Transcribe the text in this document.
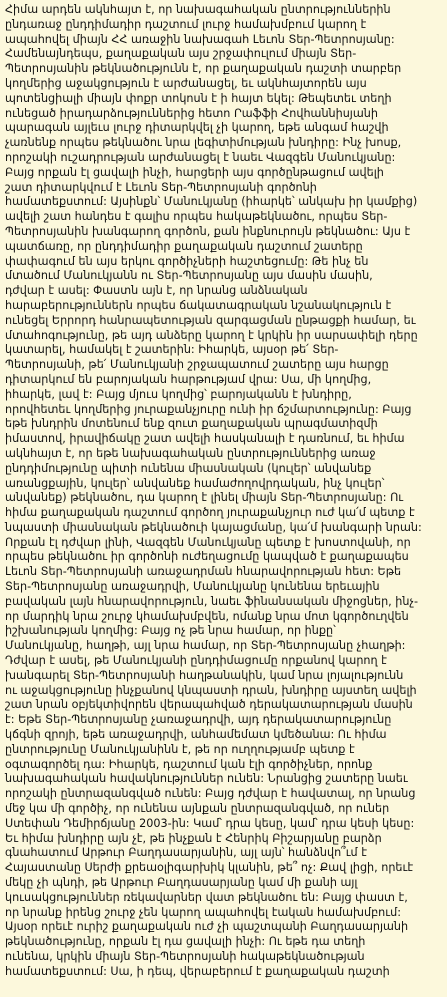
Հիմա արդեն ակնհայտ է, որ նախագահական ընտրություններին
ընդառաջ ընդդիմադիր դաշտում լուրջ համախմբում կարող է
ապահովել միայն ՀՀ առաջին նախագահ Լեւոն Տեր-Պետրոսյանը:
Համենայնդեպս, քաղաքական այս շրջափուլում միայն Տեր-
Պետրոսյանին թեկնածությունն է, որ քաղաքական դաշտի տարբեր
կողմերից աջակցություն է արժանացել, եւ ակնհայտորեն այս
պոտենցիալի միայն փոքր տոկոսն է ի հայտ եկել: Թեպետեւ տեղի
ունեցած իրադարձություններից հետո Րաֆֆի Հովհաննիսյանի
պարագան այլեւս լուրջ դիտարկվել չի կարող, եթե անգամ հաշվի
չառնենք որպես թեկնածու նրա լեգիտիմության խնդիրը: Ինչ խոսք,
որոշակի ուշադրության արժանացել է նաեւ Վազգեն Մանուկյանը:
Բայց որքան էլ ցավալի ինչի, հարցերի այս գործընթացում ավելի
շատ դիտարկվում է Լեւոն Տեր-Պետրոսյանի գործոնի
համատեքստում: Այսինքն՝ Մանուկյանը (իհարկե՝ անկախ իր կամքից)
ավելի շատ հանդես է գալիս որպես հակաթեկնածու, որպես Տեր-
Պետրոսյանին խանգարող գործոն, քան ինքնուրույն թեկնածու: Այս է
պատճառը, որ ընդդիմադիր քաղաքական դաշտում շատերը
փափագում են այս երկու գործիչների հաշտեցումը: Թե ինչ են
մտածում Մանուկյանն ու Տեր-Պետրոսյանը այս մասին մասին,
դժվար է ասել: Փաստն այն է, որ նրանց անձնական
հարաբերություններն որպես ճակատագրական նշանակություն է
ունեցել Երրորդ հանրապետության զարգացման ընթացքի համար, եւ
մտահոգությունը, թե այդ անձերը կարող է կրկին իր սարսափելի դերը
կատարել, համակել է շատերին: Իհարկե, այսօր թե՛ Տեր-
Պետրոսյանի, թե՛ Մանուկյանի շրջապատում շատերը այս հարցը
դիտարկում են բարոյական հարթությամ վրա: Սա, մի կողմից,
իհարկե, լավ է: Բայց մյուս կողմից՝ բարոյականն է խնդիրը,
որովհետեւ կողմերից յուրաքանչյուրը ունի իր ճշմարտությունը: Բայց
եթե խնդրին մոտենում ենք զուտ քաղաքական պրագմատիզմի
իմաստով, իրավիճակը շատ ավելի հասկանալի է դառնում, եւ հիմա
ակնհայտ է, որ եթե նախագահական ընտրություններից առաջ
ընդդիմությունը պիտի ունենա միասնական (կուլեր՝ անվանեք
առանցքային, կուլեր՝ անվանեք համաժողովրդական, ինչ կուլեր՝
անվանեք) թեկնածու, դա կարող է լինել միայն Տեր-Պետրոսյանը: Ու
հիմա քաղաքական դաշտում գործող յուրաքանչյուր ուժ կա՛մ պետք է
նպաստի միասնական թեկնածուի կայացմանը, կա՛մ խանգարի նրան:
Որքան էլ դժվար լինի, Վազգեն Մանուկյանը պետք է խոստովանի, որ
որպես թեկնածու իր գործոնի ուժեղացումը կապված է քաղաքապես
Լեւոն Տեր-Պետրոսյանի առաջադրման հնարավորության հետ: Եթե
Տեր-Պետրոսյանը առաջադրվի, Մանուկյանը կունենա երեւային
բավական լայն հնարավորություն, նաեւ ֆինանսական միջոցներ, ինչ-
որ մարդիկ նրա շուրջ կհամախմբվեն, ոմանք նրա մոտ կգործուղվեն
իշխանության կողմից: Բայց ոչ թե նրա համար, որ ինքը՝
Մանուկյանը, հաղթի, այլ նրա համար, որ Տեր-Պետրոսյանը չհաղթի:
Դժվար է ասել, թե Մանուկյանի ընդդիմացումը որքանով կարող է
խանգարել Տեր-Պետրոսյանի հաղթանակին, կամ նրա լոյալությունն
ու աջակցությունը ինչքանով կնպաստի դրան, խնդիրը այստեղ ավելի
շատ նրան օբյեկտիվորեն վերապահված դերակատարության մասին
է: Եթե Տեր-Պետրոսյանը չառաջադրվի, այդ դերակատարությունը
կճգնի զրոյի, եթե առաջադրվի, անհամեմատ կմեծանա: Ու հիմա
ընտրությունը Մանուկյանինն է, թե որ ուղղությամբ պետք է
օգտագործել դա: Իհարկե, դաշտում կան էլի գործիչներ, որոնք
նախագահական հավակնություններ ունեն: Նրանցից շատերը նաեւ
որոշակի ընտրազանգված ունեն: Բայց դժվար է հավատալ, որ նրանց
մեջ կա մի գործիչ, որ ունենա այնքան ընտրազանգված, որ ուներ
Ստեփան Դեմիրճյանը 2003-ին: Կամ՝ դրա կեսը, կամ՝ դրա կեսի կեսը:
Եւ հիմա խնդիրը այն չէ, թե ինչքան է Հենրիկ Բիշարյանը բարձր
գնահատում Արթուր Բաղդասարյանին, այլ այն՝ հանձնվո՞ւմ է
Հայաստանը Սերժի քրեաօլիգարխիկ կլանին, թե՞ ոչ: Քավ լիցի, որեւէ
մեկը չի պնդի, թե Արթուր Բաղդասարյանը կամ մի քանի այլ
կուսակցություններ ռեկավարներ վատ թեկնածու են: Բայց փաստ է,
որ նրանք իրենց շուրջ չեն կարող ապահովել էական համախմբում:
Այսօր որեւէ ուրիշ քաղաքական ուժ չի պաշտպանի Բաղդասարյանի
թեկնածությունը, որքան էլ դա ցավալի ինչի: Ու եթե դա տեղի
ունենա, կրկին միայն Տեր-Պետրոսյանի հակաթեկնածության
համատեքստում: Սա, ի դեպ, վերաբերում է քաղաքական դաշտի
